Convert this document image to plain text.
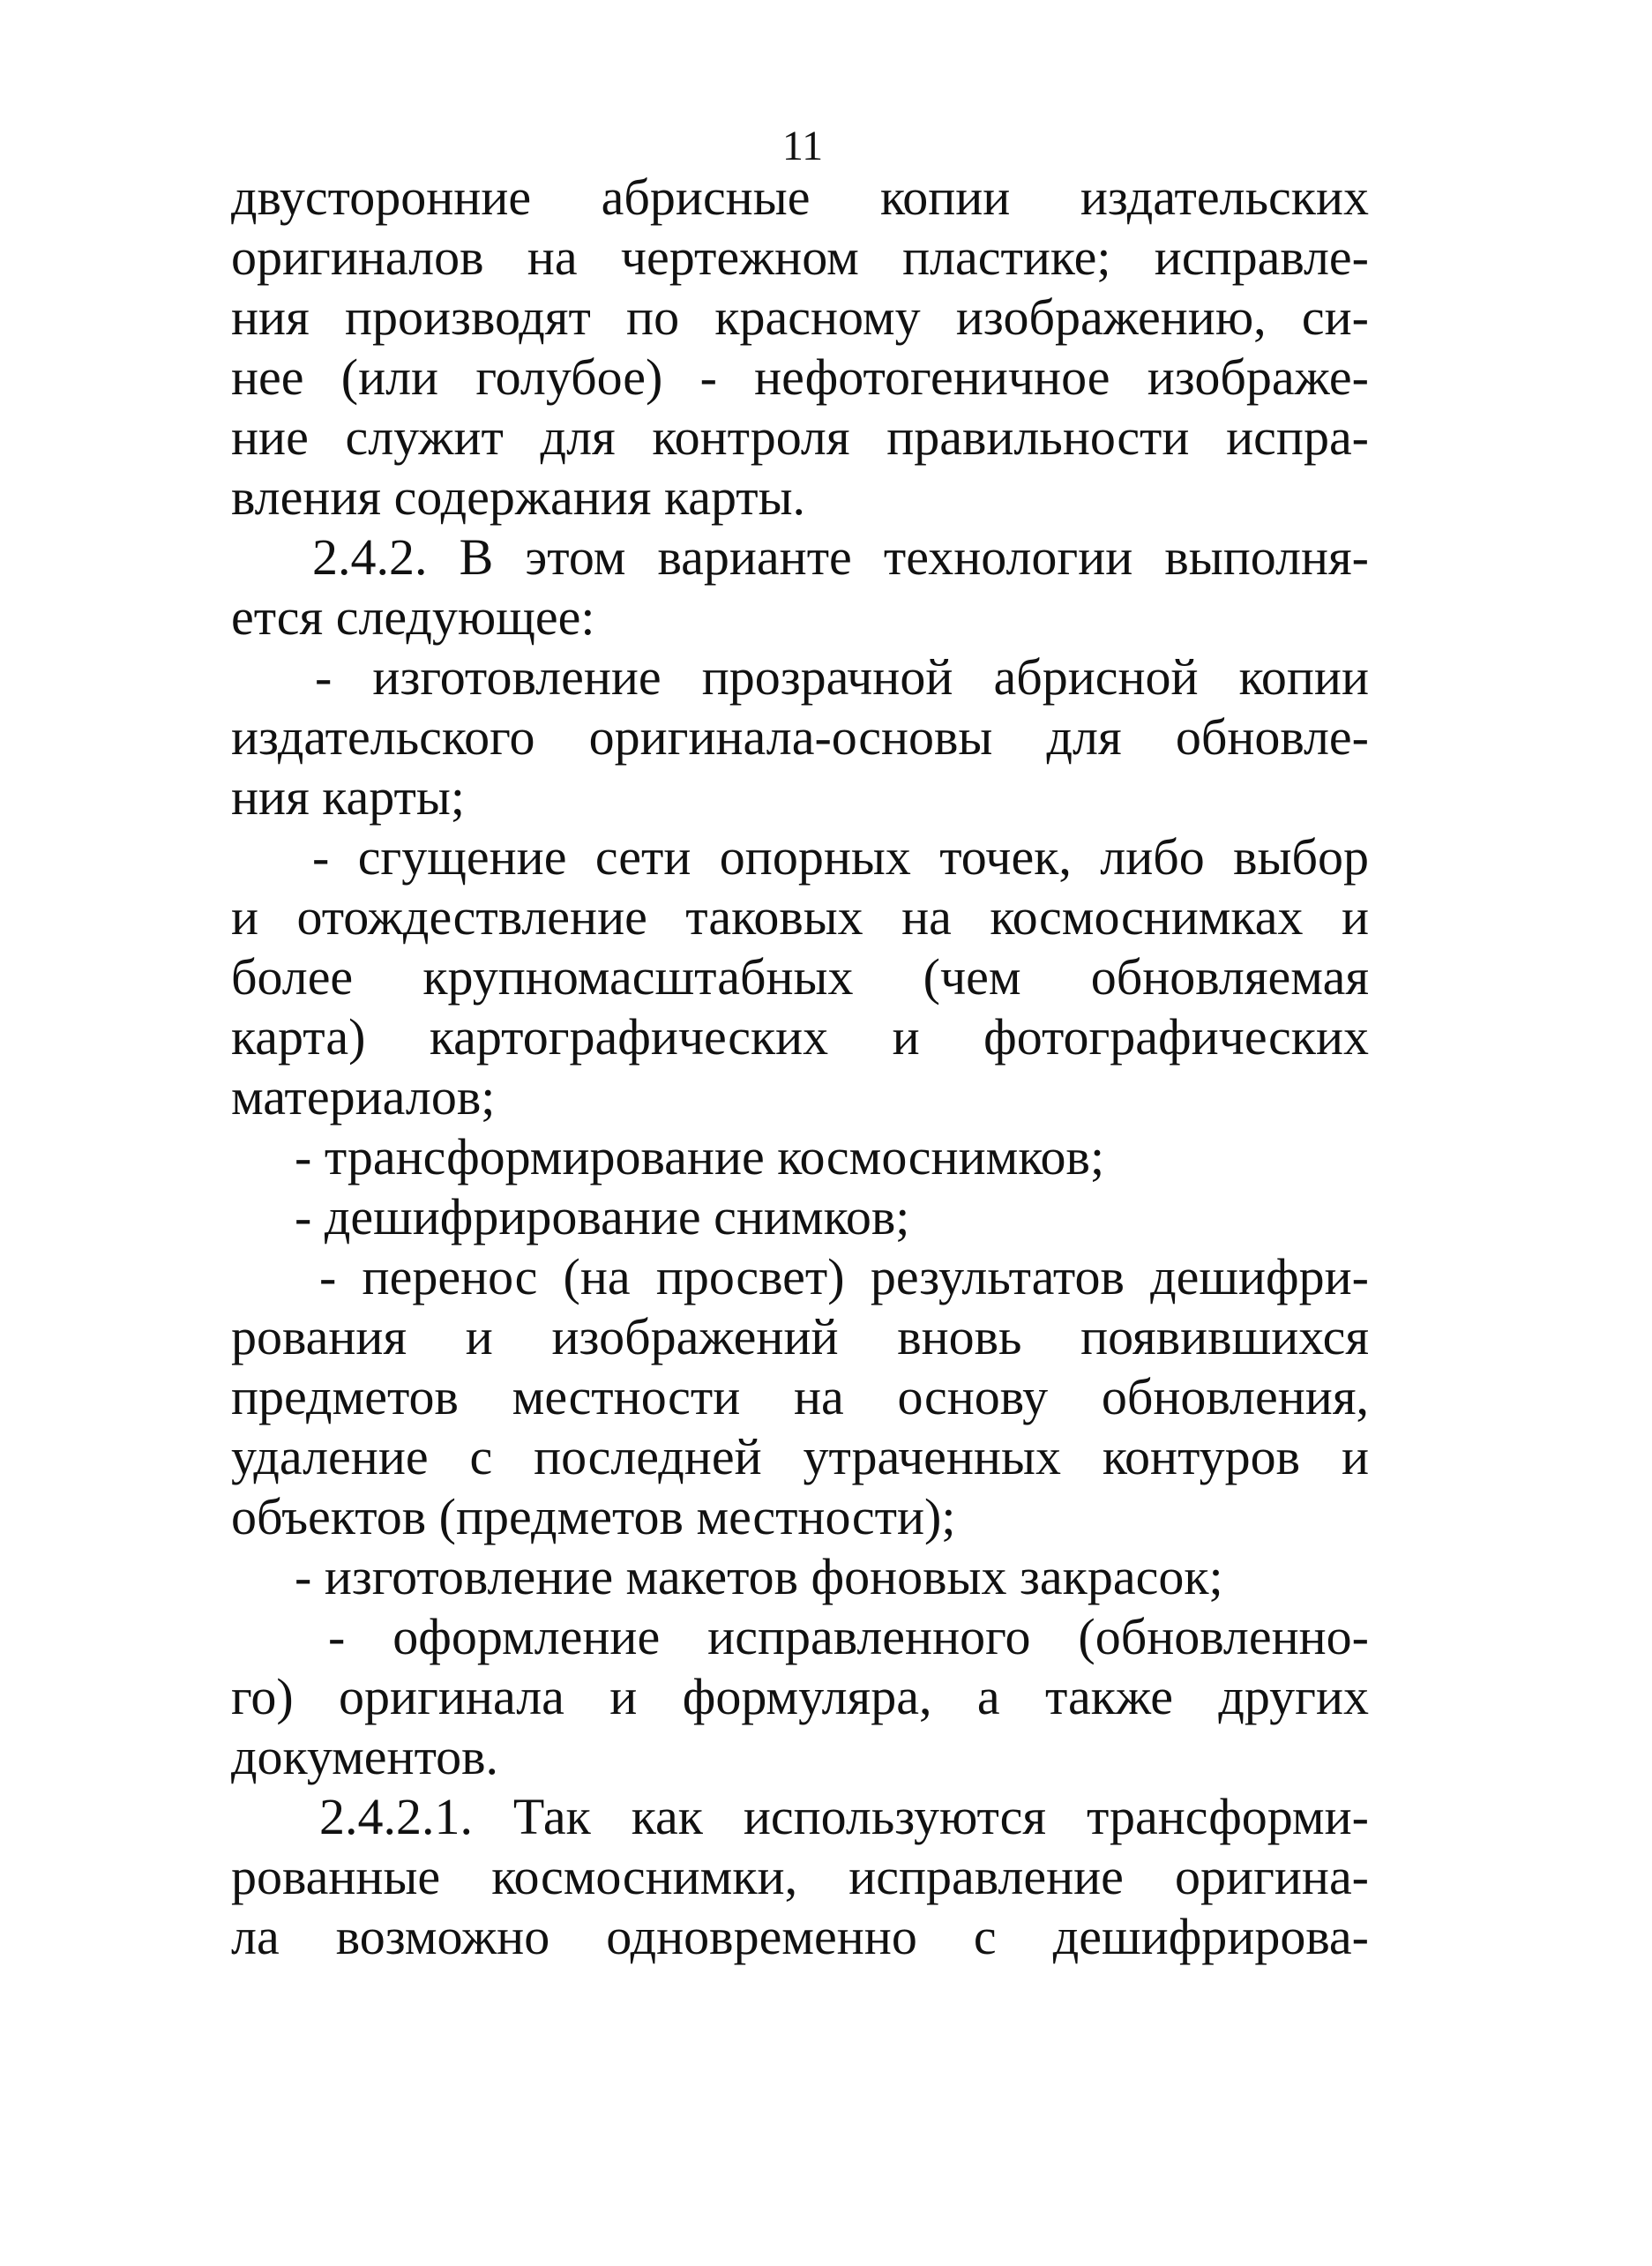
11
двусторонние абрисные копии издательских
оригиналов на чертежном пластике; исправле-
ния производят по красному изображению, си-
нее (или голубое) - нефотогеничное изображе-
ние служит для контроля правильности испра-
вления содержания карты.
2.4.2. В этом варианте технологии выполня-
ется следующее:
- изготовление прозрачной абрисной копии
издательского оригинала-основы для обновле-
ния карты;
- сгущение сети опорных точек, либо выбор
и отождествление таковых на космоснимках и
более крупномасштабных (чем обновляемая
карта) картографических и фотографических
материалов;
- трансформирование космоснимков;
- дешифрирование снимков;
- перенос (на просвет) результатов дешифри-
рования и изображений вновь появившихся
предметов местности на основу обновления,
удаление с последней утраченных контуров и
объектов (предметов местности);
- изготовление макетов фоновых закрасок;
- оформление исправленного (обновленно-
го) оригинала и формуляра, а также других
документов.
2.4.2.1. Так как используются трансформи-
рованные космоснимки, исправление оригина-
ла возможно одновременно с дешифрирова-
